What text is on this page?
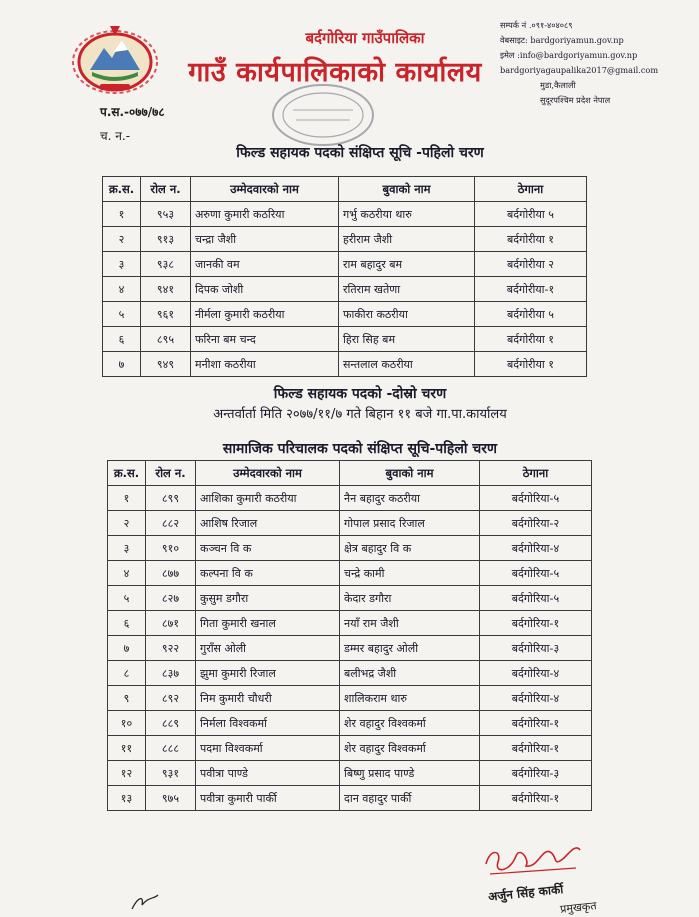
बर्दगोरिया गाउँपालिका
गाउँ कार्यपालिकाको कार्यालय
सम्पर्क नं .०९१-४०४०८९
वेबसाइट: bardgoriyamun.gov.np
इमेल :info@bardgoriyamun.gov.np
bardgoriyagaupalika2017@gmail.com
मुडा,कैलाली
सुदूरपश्चिम प्रदेश नेपाल
प.स.-०७७/७८
च. न.-
फिल्ड सहायक पदको संक्षिप्त सूचि -पहिलो चरण
क्र.स.	रोल न.	उम्मेदवारको नाम	बुवाको नाम	ठेगाना
१	९५३	अरुणा कुमारी कठरिया	गर्भु कठरीया थारु	बर्दगोरीया ५
२	९१३	चन्द्रा जैशी	हरीराम जैशी	बर्दगोरीया १
३	९३८	जानकी वम	राम बहादुर बम	बर्दगोरीया २
४	९४१	दिपक जोशी	रतिराम खतेणा	बर्दगोरीया-१
५	९६१	नीर्मला कुमारी कठरीया	फाकीरा कठरीया	बर्दगोरीया ५
६	८९५	फरिना बम चन्द	हिरा सिह बम	बर्दगोरीया १
७	९४९	मनीशा कठरीया	सन्तलाल कठरीया	बर्दगोरीया १
फिल्ड सहायक पदको -दोस्रो चरण
अन्तर्वार्ता मिति २०७७/११/७ गते बिहान ११ बजे गा.पा.कार्यालय
सामाजिक परिचालक पदको संक्षिप्त सूचि-पहिलो चरण
क्र.स.	रोल न.	उम्मेदवारको नाम	बुवाको नाम	ठेगाना
१	८९९	आशिका कुमारी कठरीया	नैन बहादुर कठरीया	बर्दगोरिया-५
२	८८२	आशिष रिजाल	गोपाल प्रसाद रिजाल	बर्दगोरिया-२
३	९१०	कञ्चन वि क	क्षेत्र बहादुर वि क	बर्दगोरिया-४
४	८७७	कल्पना वि क	चन्द्रे कामी	बर्दगोरिया-५
५	८२७	कुसुम डगौरा	केदार डगौरा	बर्दगोरिया-५
६	८७१	गिता कुमारी खनाल	नयाँ राम जैशी	बर्दगोरिया-१
७	९२२	गुराँस ओली	डम्मर बहादुर ओली	बर्दगोरिया-३
८	८३७	झुमा कुमारी रिजाल	बलीभद्र जैशी	बर्दगोरिया-४
९	८९२	निम कुमारी चौधरी	शालिकराम थारु	बर्दगोरिया-४
१०	८८९	निर्मला विश्वकर्मा	शेर वहादुर विश्वकर्मा	बर्दगोरिया-१
११	८८८	पदमा विश्वकर्मा	शेर वहादुर विश्वकर्मा	बर्दगोरिया-१
१२	९३१	पवीत्रा पाण्डे	बिष्णु प्रसाद पाण्डे	बर्दगोरिया-३
१३	९७५	पवीत्रा कुमारी पार्की	दान वहादुर पार्की	बर्दगोरिया-१
अर्जुन सिंह कार्की
प्रमुखकृत
